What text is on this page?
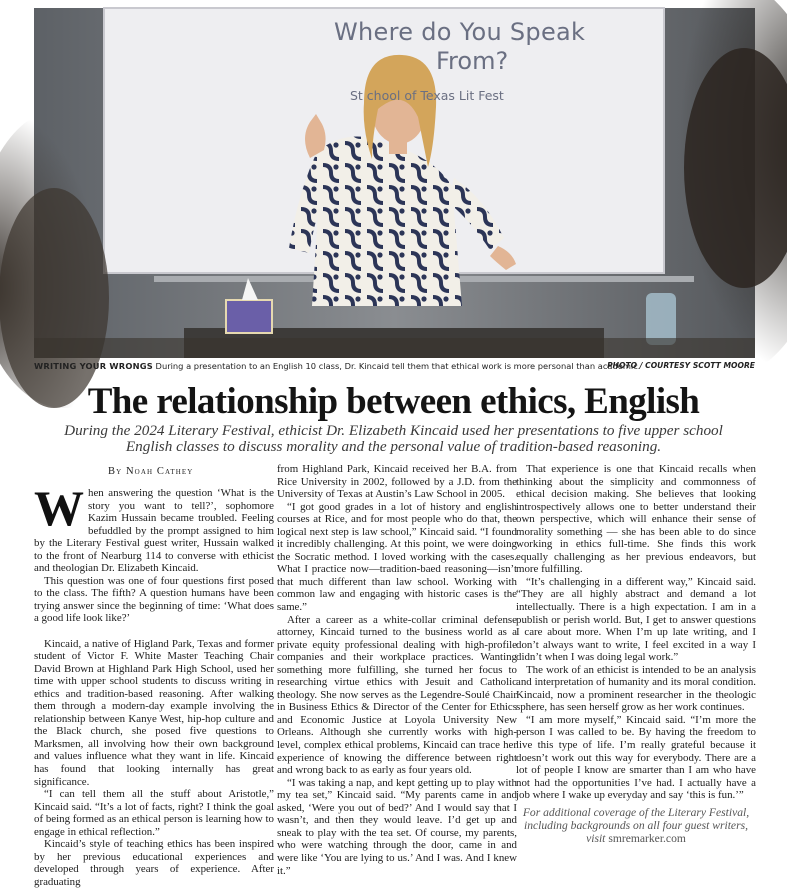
Where do You Speak
From?
St chool of Texas Lit Fest
WRITING YOUR WRONGS During a presentation to an English 10 class, Dr. Kincaid tell them that ethical work is more personal than academic.
PHOTO / COURTESY SCOTT MOORE
The relationship between ethics, English

During the 2024 Literary Festival, ethicist Dr. Elizabeth Kincaid used her presentations to five upper school English classes to discuss morality and the personal value of tradition-based reasoning.

By Noah Cathey
W hen answering the question ‘What is the story you want to tell?’, sophomore Kazim Hussain became troubled. Feeling befuddled by the prompt assigned to him by the Literary Festival guest writer, Hussain walked to the front of Nearburg 114 to converse with ethicist and theologian Dr. Elizabeth Kincaid.

This question was one of four questions first posed to the class. The fifth? A question humans have been trying answer since the beginning of time: ‘What does a good life look like?’

Kincaid, a native of Higland Park, Texas and former student of Victor F. White Master Teaching Chair David Brown at Highland Park High School, used her time with upper school students to discuss writing in ethics and tradition-based reasoning. After walking them through a modern-day example involving the relationship between Kanye West, hip-hop culture and the Black church, she posed five questions to Marksmen, all involving how their own background and values influence what they want in life. Kincaid has found that looking internally has great significance.

“I can tell them all the stuff about Aristotle,” Kincaid said. “It’s a lot of facts, right? I think the goal of being formed as an ethical person is learning how to engage in ethical reflection.”

Kincaid’s style of teaching ethics has been inspired by her previous educational experiences and developed through years of experience. After graduating

from Highland Park, Kincaid received her B.A. from Rice University in 2002, followed by a J.D. from the University of Texas at Austin’s Law School in 2005.

“I got good grades in a lot of history and english courses at Rice, and for most people who do that, the logical next step is law school,” Kincaid said. “I found it incredibly challenging. At this point, we were doing the Socratic method. I loved working with the cases. What I practice now—tradition-baed reasoning—isn’t that much different than law school. Working with common law and engaging with historic cases is the same.”

After a career as a white-collar criminal defense attorney, Kincaid turned to the business world as a private equity professional dealing with high-profile companies and their workplace practices. Wanting something more fulfilling, she turned her focus to researching virtue ethics with Jesuit and Catholic theology. She now serves as the Legendre-Soulé Chair in Business Ethics & Director of the Center for Ethics and Economic Justice at Loyola University New Orleans. Although she currently works with high-level, complex ethical problems, Kincaid can trace her experience of knowing the difference between right and wrong back to as early as four years old.

“I was taking a nap, and kept getting up to play with my tea set,” Kincaid said. “My parents came in and asked, ‘Were you out of bed?’ And I would say that I wasn’t, and then they would leave. I’d get up and sneak to play with the tea set. Of course, my parents, who were watching through the door, came in and were like ‘You are lying to us.’ And I was. And I knew it.”

That experience is one that Kincaid recalls when thinking about the simplicity and commonness of ethical decision making. She believes that looking introspectively allows one to better understand their own perspective, which will enhance their sense of morality something — she has been able to do since working in ethics full-time. She finds this work equally challenging as her previous endeavors, but more fulfilling.

“It’s challenging in a different way,” Kincaid said. “They are all highly abstract and demand a lot intellectually. There is a high expectation. I am in a publish or perish world. But, I get to answer questions I care about more. When I’m up late writing, and I don’t always want to write, I feel excited in a way I didn’t when I was doing legal work.”

The work of an ethicist is intended to be an analysis and interpretation of humanity and its moral condition. Kincaid, now a prominent researcher in the theologic sphere, has seen herself grow as her work continues.

“I am more myself,” Kincaid said. “I’m more the person I was called to be. By having the freedom to live this type of life. I’m really grateful because it doesn’t work out this way for everybody. There are a lot of people I know are smarter than I am who have not had the opportunities I’ve had. I actually have a job where I wake up everyday and say ‘this is fun.’”

For additional coverage of the Literary Festival, including backgrounds on all four guest writers, visit smremarker.com
